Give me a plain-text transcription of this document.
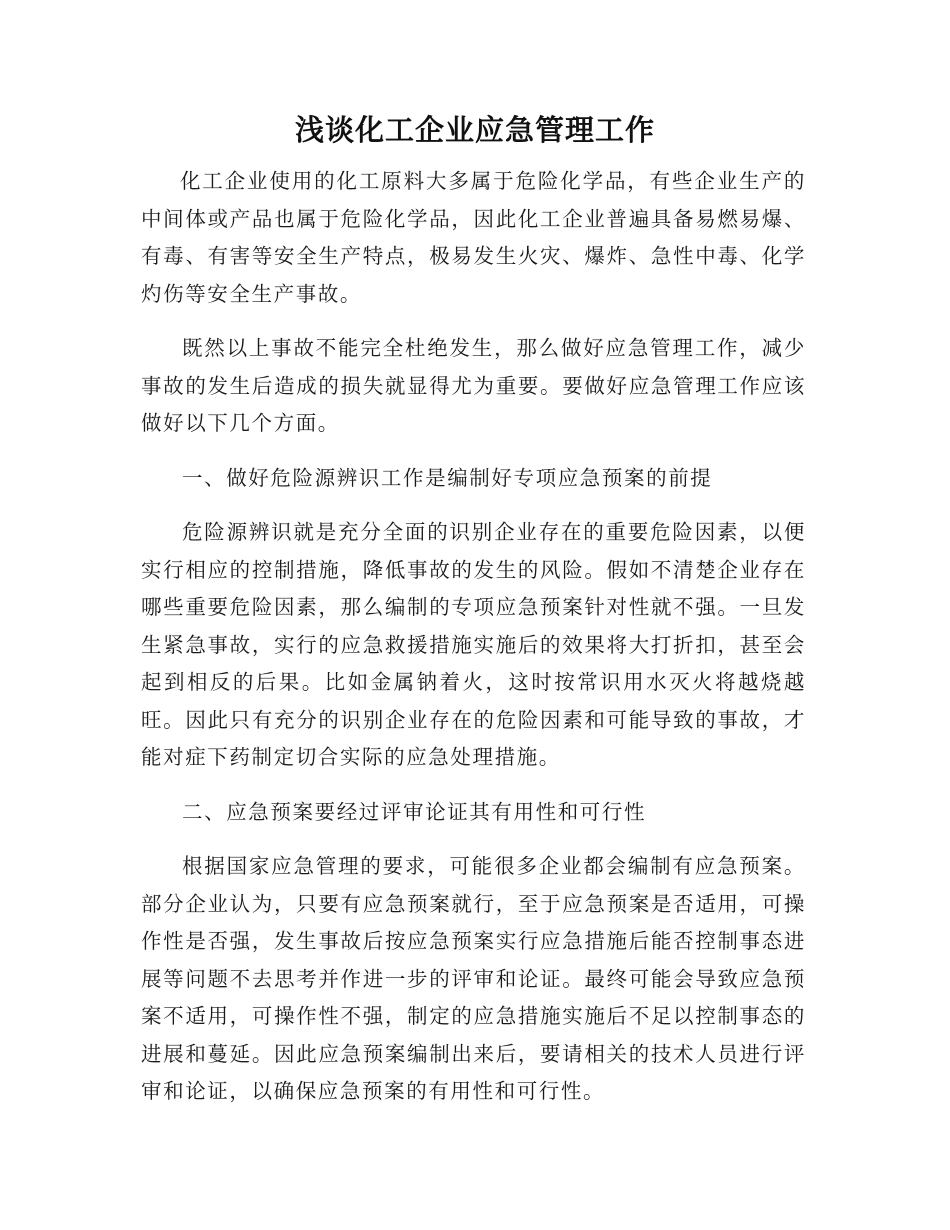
浅谈化工企业应急管理工作

化工企业使用的化工原料大多属于危险化学品，有些企业生产的中间体或产品也属于危险化学品，因此化工企业普遍具备易燃易爆、有毒、有害等安全生产特点，极易发生火灾、爆炸、急性中毒、化学灼伤等安全生产事故。

既然以上事故不能完全杜绝发生，那么做好应急管理工作，减少事故的发生后造成的损失就显得尤为重要。要做好应急管理工作应该做好以下几个方面。

一、做好危险源辨识工作是编制好专项应急预案的前提

危险源辨识就是充分全面的识别企业存在的重要危险因素，以便实行相应的控制措施，降低事故的发生的风险。假如不清楚企业存在哪些重要危险因素，那么编制的专项应急预案针对性就不强。一旦发生紧急事故，实行的应急救援措施实施后的效果将大打折扣，甚至会起到相反的后果。比如金属钠着火，这时按常识用水灭火将越烧越旺。因此只有充分的识别企业存在的危险因素和可能导致的事故，才能对症下药制定切合实际的应急处理措施。

二、应急预案要经过评审论证其有用性和可行性

根据国家应急管理的要求，可能很多企业都会编制有应急预案。部分企业认为，只要有应急预案就行，至于应急预案是否适用，可操作性是否强，发生事故后按应急预案实行应急措施后能否控制事态进展等问题不去思考并作进一步的评审和论证。最终可能会导致应急预案不适用，可操作性不强，制定的应急措施实施后不足以控制事态的进展和蔓延。因此应急预案编制出来后，要请相关的技术人员进行评审和论证，以确保应急预案的有用性和可行性。
